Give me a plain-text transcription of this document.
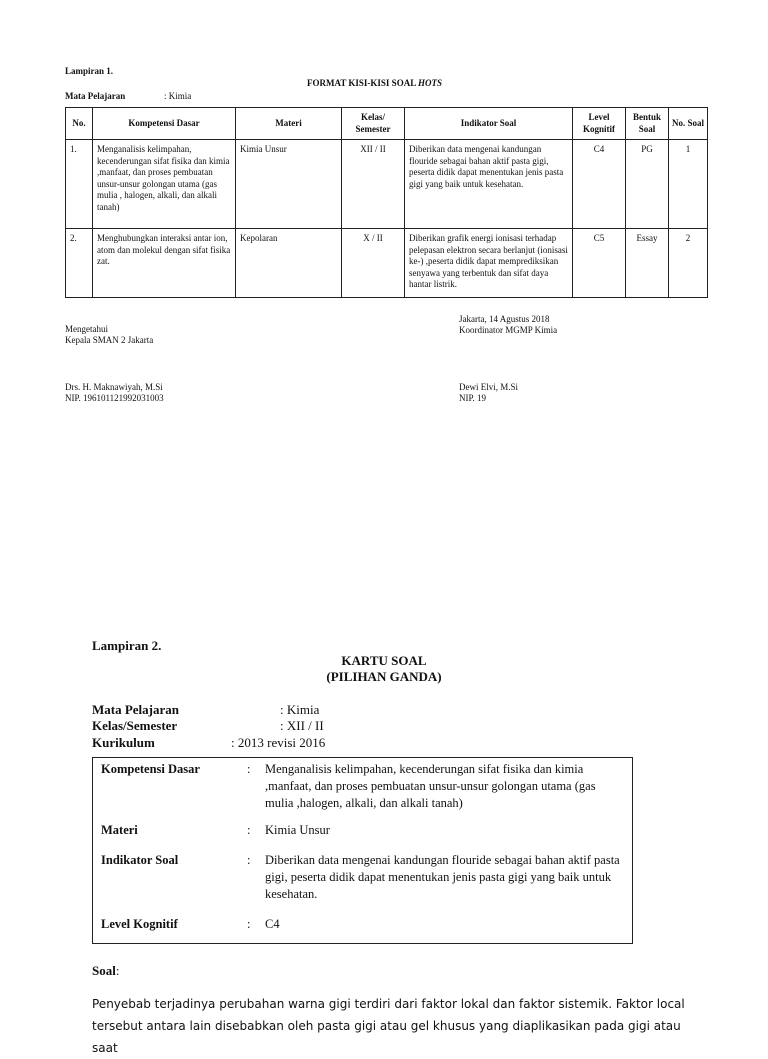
Lampiran 1.
FORMAT KISI-KISI SOAL HOTS
Mata Pelajaran	: Kimia
No.	Kompetensi Dasar	Materi	Kelas/ Semester	Indikator Soal	Level Kognitif	Bentuk Soal	No. Soal
1.	Menganalisis kelimpahan, kecenderungan sifat fisika dan kimia ,manfaat, dan proses pembuatan unsur-unsur golongan utama (gas mulia , halogen, alkali, dan alkali tanah)	Kimia Unsur	XII / II	Diberikan data mengenai kandungan flouride sebagai bahan aktif pasta gigi, peserta didik dapat menentukan jenis pasta gigi yang baik untuk kesehatan.	C4	PG	1
2.	Menghubungkan interaksi antar ion, atom dan molekul dengan sifat fisika zat.	Kepolaran	X / II	Diberikan grafik energi ionisasi terhadap pelepasan elektron secara berlanjut (ionisasi ke-) ,peserta didik dapat memprediksikan senyawa yang terbentuk dan sifat daya hantar listrik.	C5	Essay	2
Jakarta, 14 Agustus 2018
Koordinator MGMP Kimia
Mengetahui
Kepala SMAN 2 Jakarta
Drs. H. Maknawiyah, M.Si
NIP. 196101121992031003
Dewi Elvi, M.Si
NIP. 19
Lampiran 2.
KARTU SOAL
(PILIHAN GANDA)
Mata Pelajaran	: Kimia
Kelas/Semester	: XII / II
Kurikulum	: 2013 revisi 2016
Kompetensi Dasar	: Menganalisis kelimpahan, kecenderungan sifat fisika dan kimia ,manfaat, dan proses pembuatan unsur-unsur golongan utama (gas mulia ,halogen, alkali, dan alkali tanah)
Materi	: Kimia Unsur
Indikator Soal	: Diberikan data mengenai kandungan flouride sebagai bahan aktif pasta gigi, peserta didik dapat menentukan jenis pasta gigi yang baik untuk kesehatan.
Level Kognitif	: C4
Soal:
Penyebab terjadinya perubahan warna gigi terdiri dari faktor lokal dan faktor sistemik. Faktor local tersebut antara lain disebabkan oleh pasta gigi atau gel khusus yang diaplikasikan pada gigi atau saat
